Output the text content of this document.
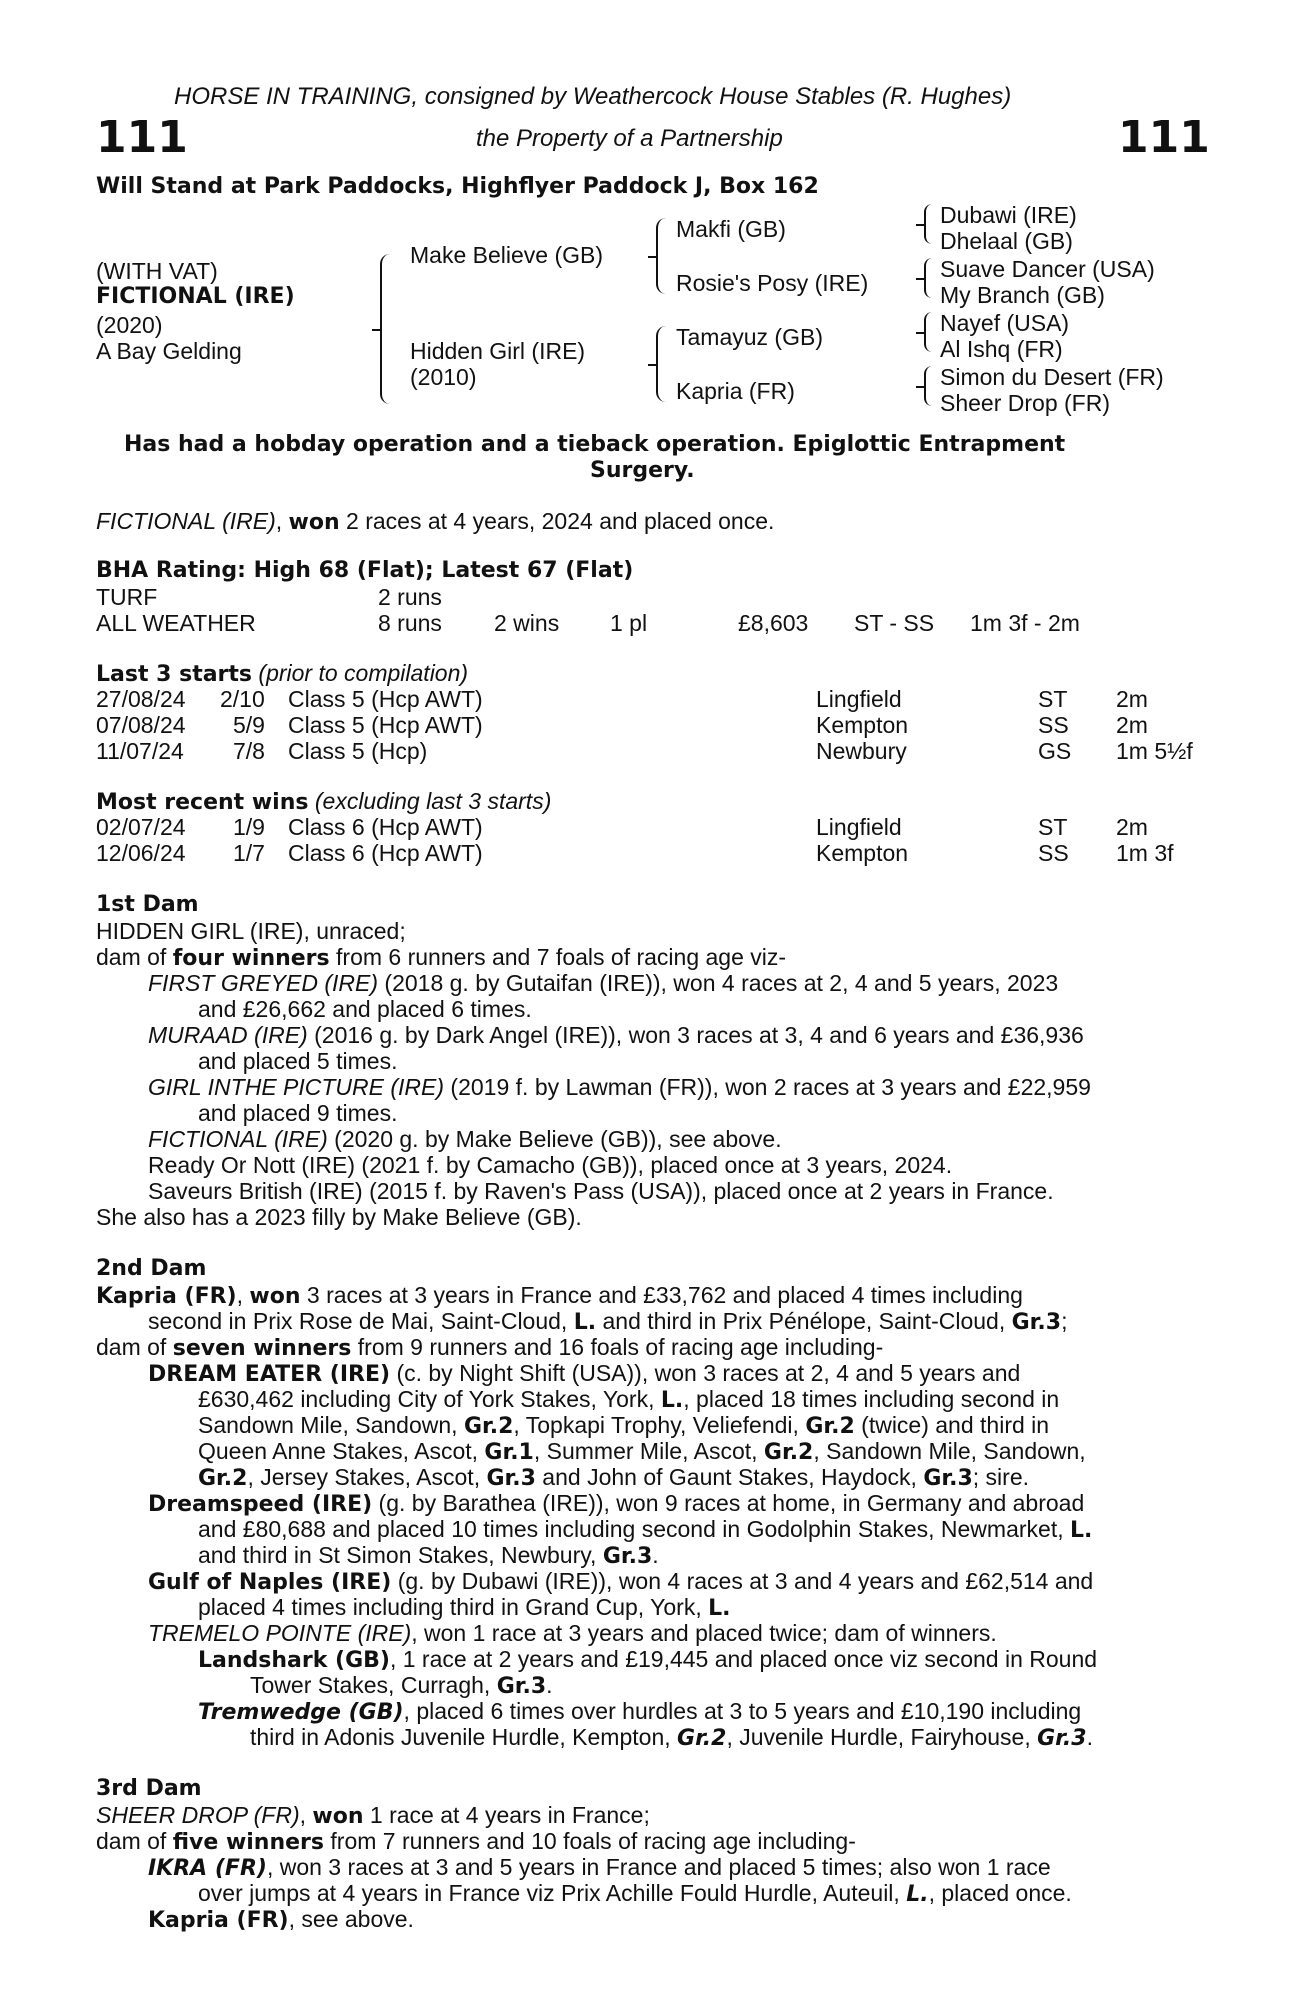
HORSE IN TRAINING, consigned by Weathercock House Stables (R. Hughes)
111	the Property of a Partnership	111
Will Stand at Park Paddocks, Highflyer Paddock J, Box 162
(WITH VAT)
FICTIONAL (IRE)
(2020)
A Bay Gelding
Make Believe (GB)
Hidden Girl (IRE)
(2010)
Makfi (GB)
Rosie's Posy (IRE)
Tamayuz (GB)
Kapria (FR)
Dubawi (IRE)
Dhelaal (GB)
Suave Dancer (USA)
My Branch (GB)
Nayef (USA)
Al Ishq (FR)
Simon du Desert (FR)
Sheer Drop (FR)
Has had a hobday operation and a tieback operation. Epiglottic Entrapment
Surgery.
FICTIONAL (IRE), won 2 races at 4 years, 2024 and placed once.
BHA Rating: High 68 (Flat); Latest 67 (Flat)
TURF	2 runs
ALL WEATHER	8 runs 2 wins 1 pl	£8,603 ST - SS 1m 3f - 2m
Last 3 starts (prior to compilation)
27/08/24 2/10 Class 5 (Hcp AWT)	Lingfield	ST 2m
07/08/24 5/9 Class 5 (Hcp AWT)	Kempton	SS 2m
11/07/24 7/8 Class 5 (Hcp)	Newbury	GS 1m 5½f
Most recent wins (excluding last 3 starts)
02/07/24 1/9 Class 6 (Hcp AWT)	Lingfield	ST 2m
12/06/24 1/7 Class 6 (Hcp AWT)	Kempton	SS 1m 3f
1st Dam
HIDDEN GIRL (IRE), unraced;
dam of four winners from 6 runners and 7 foals of racing age viz-
FIRST GREYED (IRE) (2018 g. by Gutaifan (IRE)), won 4 races at 2, 4 and 5 years, 2023
and £26,662 and placed 6 times.
MURAAD (IRE) (2016 g. by Dark Angel (IRE)), won 3 races at 3, 4 and 6 years and £36,936
and placed 5 times.
GIRL INTHE PICTURE (IRE) (2019 f. by Lawman (FR)), won 2 races at 3 years and £22,959
and placed 9 times.
FICTIONAL (IRE) (2020 g. by Make Believe (GB)), see above.
Ready Or Nott (IRE) (2021 f. by Camacho (GB)), placed once at 3 years, 2024.
Saveurs British (IRE) (2015 f. by Raven's Pass (USA)), placed once at 2 years in France.
She also has a 2023 filly by Make Believe (GB).
2nd Dam
Kapria (FR), won 3 races at 3 years in France and £33,762 and placed 4 times including
second in Prix Rose de Mai, Saint-Cloud, L. and third in Prix Pénélope, Saint-Cloud, Gr.3;
dam of seven winners from 9 runners and 16 foals of racing age including-
DREAM EATER (IRE) (c. by Night Shift (USA)), won 3 races at 2, 4 and 5 years and
£630,462 including City of York Stakes, York, L., placed 18 times including second in
Sandown Mile, Sandown, Gr.2, Topkapi Trophy, Veliefendi, Gr.2 (twice) and third in
Queen Anne Stakes, Ascot, Gr.1, Summer Mile, Ascot, Gr.2, Sandown Mile, Sandown,
Gr.2, Jersey Stakes, Ascot, Gr.3 and John of Gaunt Stakes, Haydock, Gr.3; sire.
Dreamspeed (IRE) (g. by Barathea (IRE)), won 9 races at home, in Germany and abroad
and £80,688 and placed 10 times including second in Godolphin Stakes, Newmarket, L.
and third in St Simon Stakes, Newbury, Gr.3.
Gulf of Naples (IRE) (g. by Dubawi (IRE)), won 4 races at 3 and 4 years and £62,514 and
placed 4 times including third in Grand Cup, York, L.
TREMELO POINTE (IRE), won 1 race at 3 years and placed twice; dam of winners.
Landshark (GB), 1 race at 2 years and £19,445 and placed once viz second in Round
Tower Stakes, Curragh, Gr.3.
Tremwedge (GB), placed 6 times over hurdles at 3 to 5 years and £10,190 including
third in Adonis Juvenile Hurdle, Kempton, Gr.2, Juvenile Hurdle, Fairyhouse, Gr.3.
3rd Dam
SHEER DROP (FR), won 1 race at 4 years in France;
dam of five winners from 7 runners and 10 foals of racing age including-
IKRA (FR), won 3 races at 3 and 5 years in France and placed 5 times; also won 1 race
over jumps at 4 years in France viz Prix Achille Fould Hurdle, Auteuil, L., placed once.
Kapria (FR), see above.
